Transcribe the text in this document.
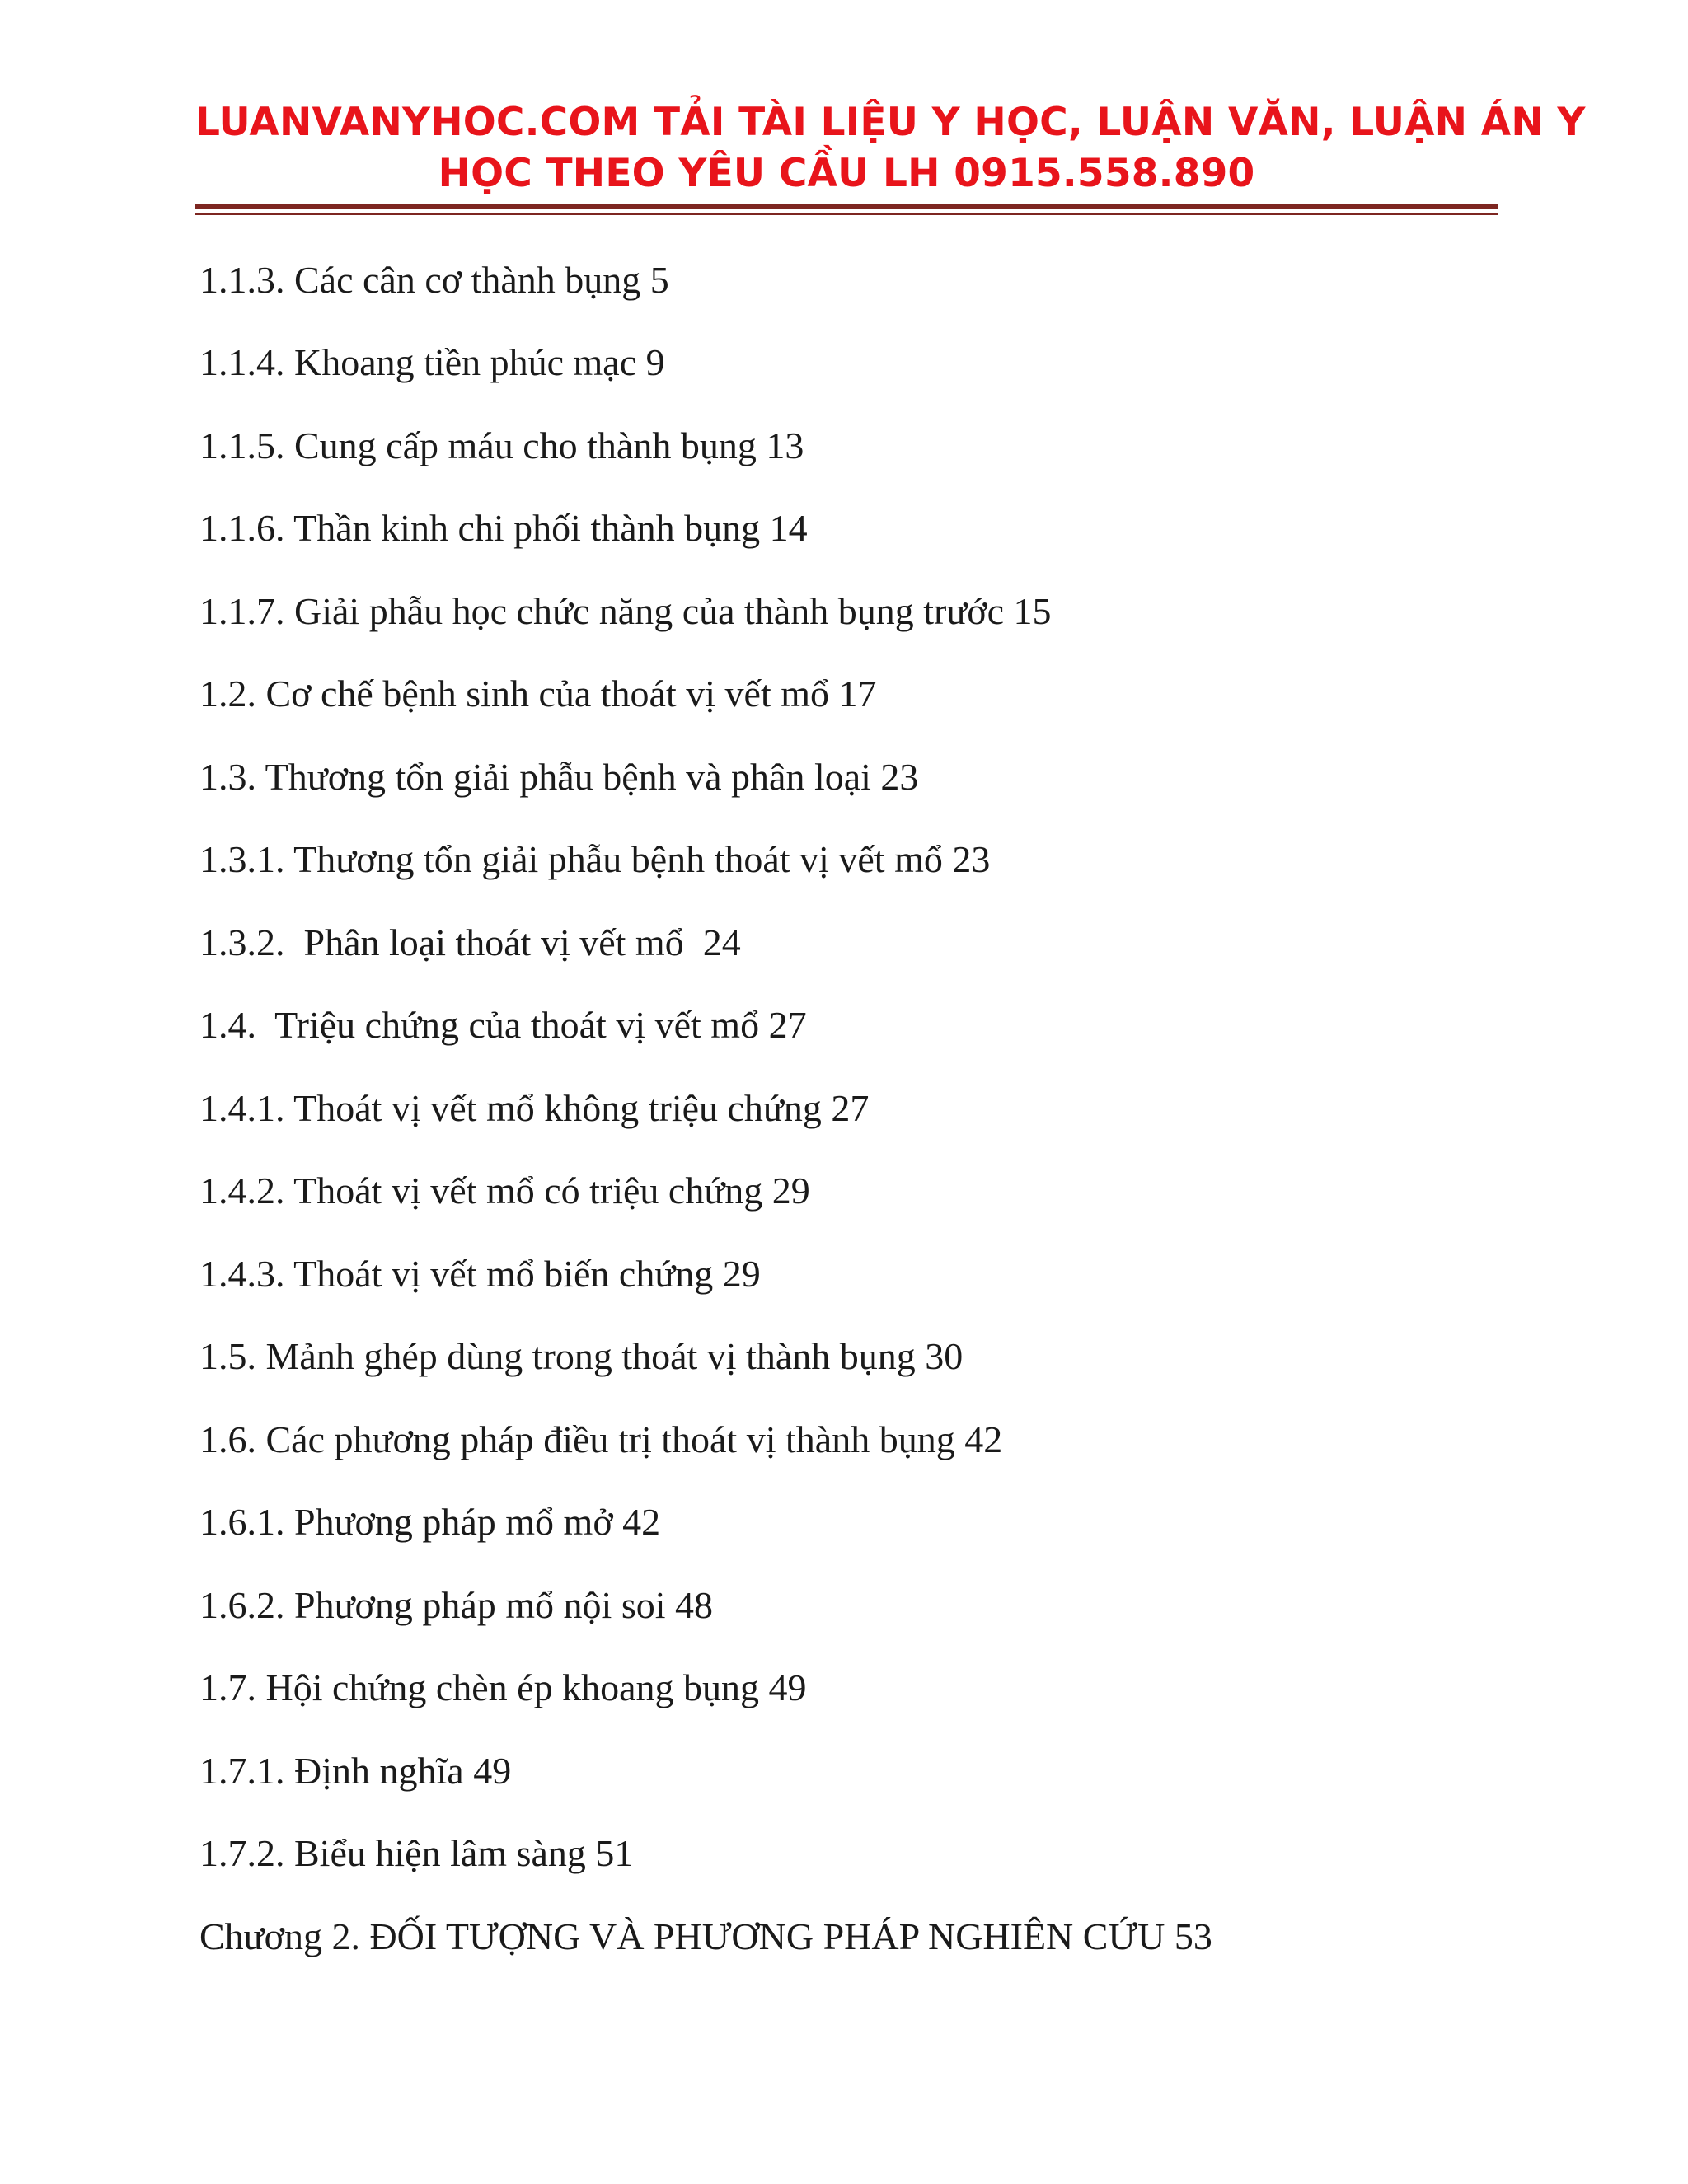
LUANVANYHOC.COM TẢI TÀI LIỆU Y HỌC, LUẬN VĂN, LUẬN ÁN Y
HỌC THEO YÊU CẦU LH 0915.558.890
1.1.3. Các cân cơ thành bụng 5
1.1.4. Khoang tiền phúc mạc 9
1.1.5. Cung cấp máu cho thành bụng 13
1.1.6. Thần kinh chi phối thành bụng 14
1.1.7. Giải phẫu học chức năng của thành bụng trước 15
1.2. Cơ chế bệnh sinh của thoát vị vết mổ 17
1.3. Thương tổn giải phẫu bệnh và phân loại 23
1.3.1. Thương tổn giải phẫu bệnh thoát vị vết mổ 23
1.3.2.  Phân loại thoát vị vết mổ  24
1.4.  Triệu chứng của thoát vị vết mổ 27
1.4.1. Thoát vị vết mổ không triệu chứng 27
1.4.2. Thoát vị vết mổ có triệu chứng 29
1.4.3. Thoát vị vết mổ biến chứng 29
1.5. Mảnh ghép dùng trong thoát vị thành bụng 30
1.6. Các phương pháp điều trị thoát vị thành bụng 42
1.6.1. Phương pháp mổ mở 42
1.6.2. Phương pháp mổ nội soi 48
1.7. Hội chứng chèn ép khoang bụng 49
1.7.1. Định nghĩa 49
1.7.2. Biểu hiện lâm sàng 51
Chương 2. ĐỐI TƯỢNG VÀ PHƯƠNG PHÁP NGHIÊN CỨU 53
